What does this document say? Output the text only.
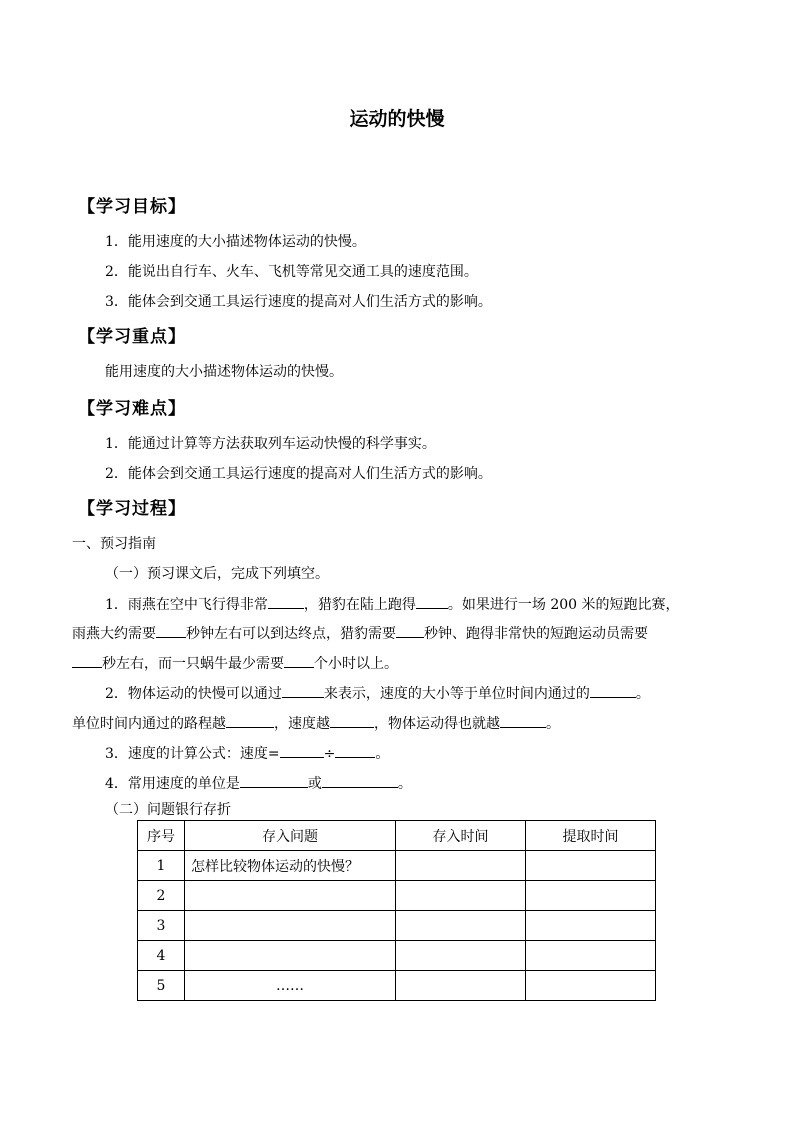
运动的快慢
【学习目标】
1．能用速度的大小描述物体运动的快慢。
2．能说出自行车、火车、飞机等常见交通工具的速度范围。
3．能体会到交通工具运行速度的提高对人们生活方式的影响。
【学习重点】
能用速度的大小描述物体运动的快慢。
【学习难点】
1．能通过计算等方法获取列车运动快慢的科学事实。
2．能体会到交通工具运行速度的提高对人们生活方式的影响。
【学习过程】
一、预习指南
（一）预习课文后，完成下列填空。
1．雨燕在空中飞行得非常	，猎豹在陆上跑得 。如果进行一场 200 米的短跑比赛，
雨燕大约需要 秒钟左右可以到达终点，猎豹需要 秒钟、跑得非常快的短跑运动员需要
秒左右，而一只蜗牛最少需要 个小时以上。
2．物体运动的快慢可以通过	来表示，速度的大小等于单位时间内通过的	。
单位时间内通过的路程越	，速度越	，物体运动得也就越	。
3．速度的计算公式：速度=	÷	。
4．常用速度的单位是	或	。
（二）问题银行存折
序号	存入问题	存入时间	提取时间
1	怎样比较物体运动的快慢？		
2			
3			
4			
5	……		
